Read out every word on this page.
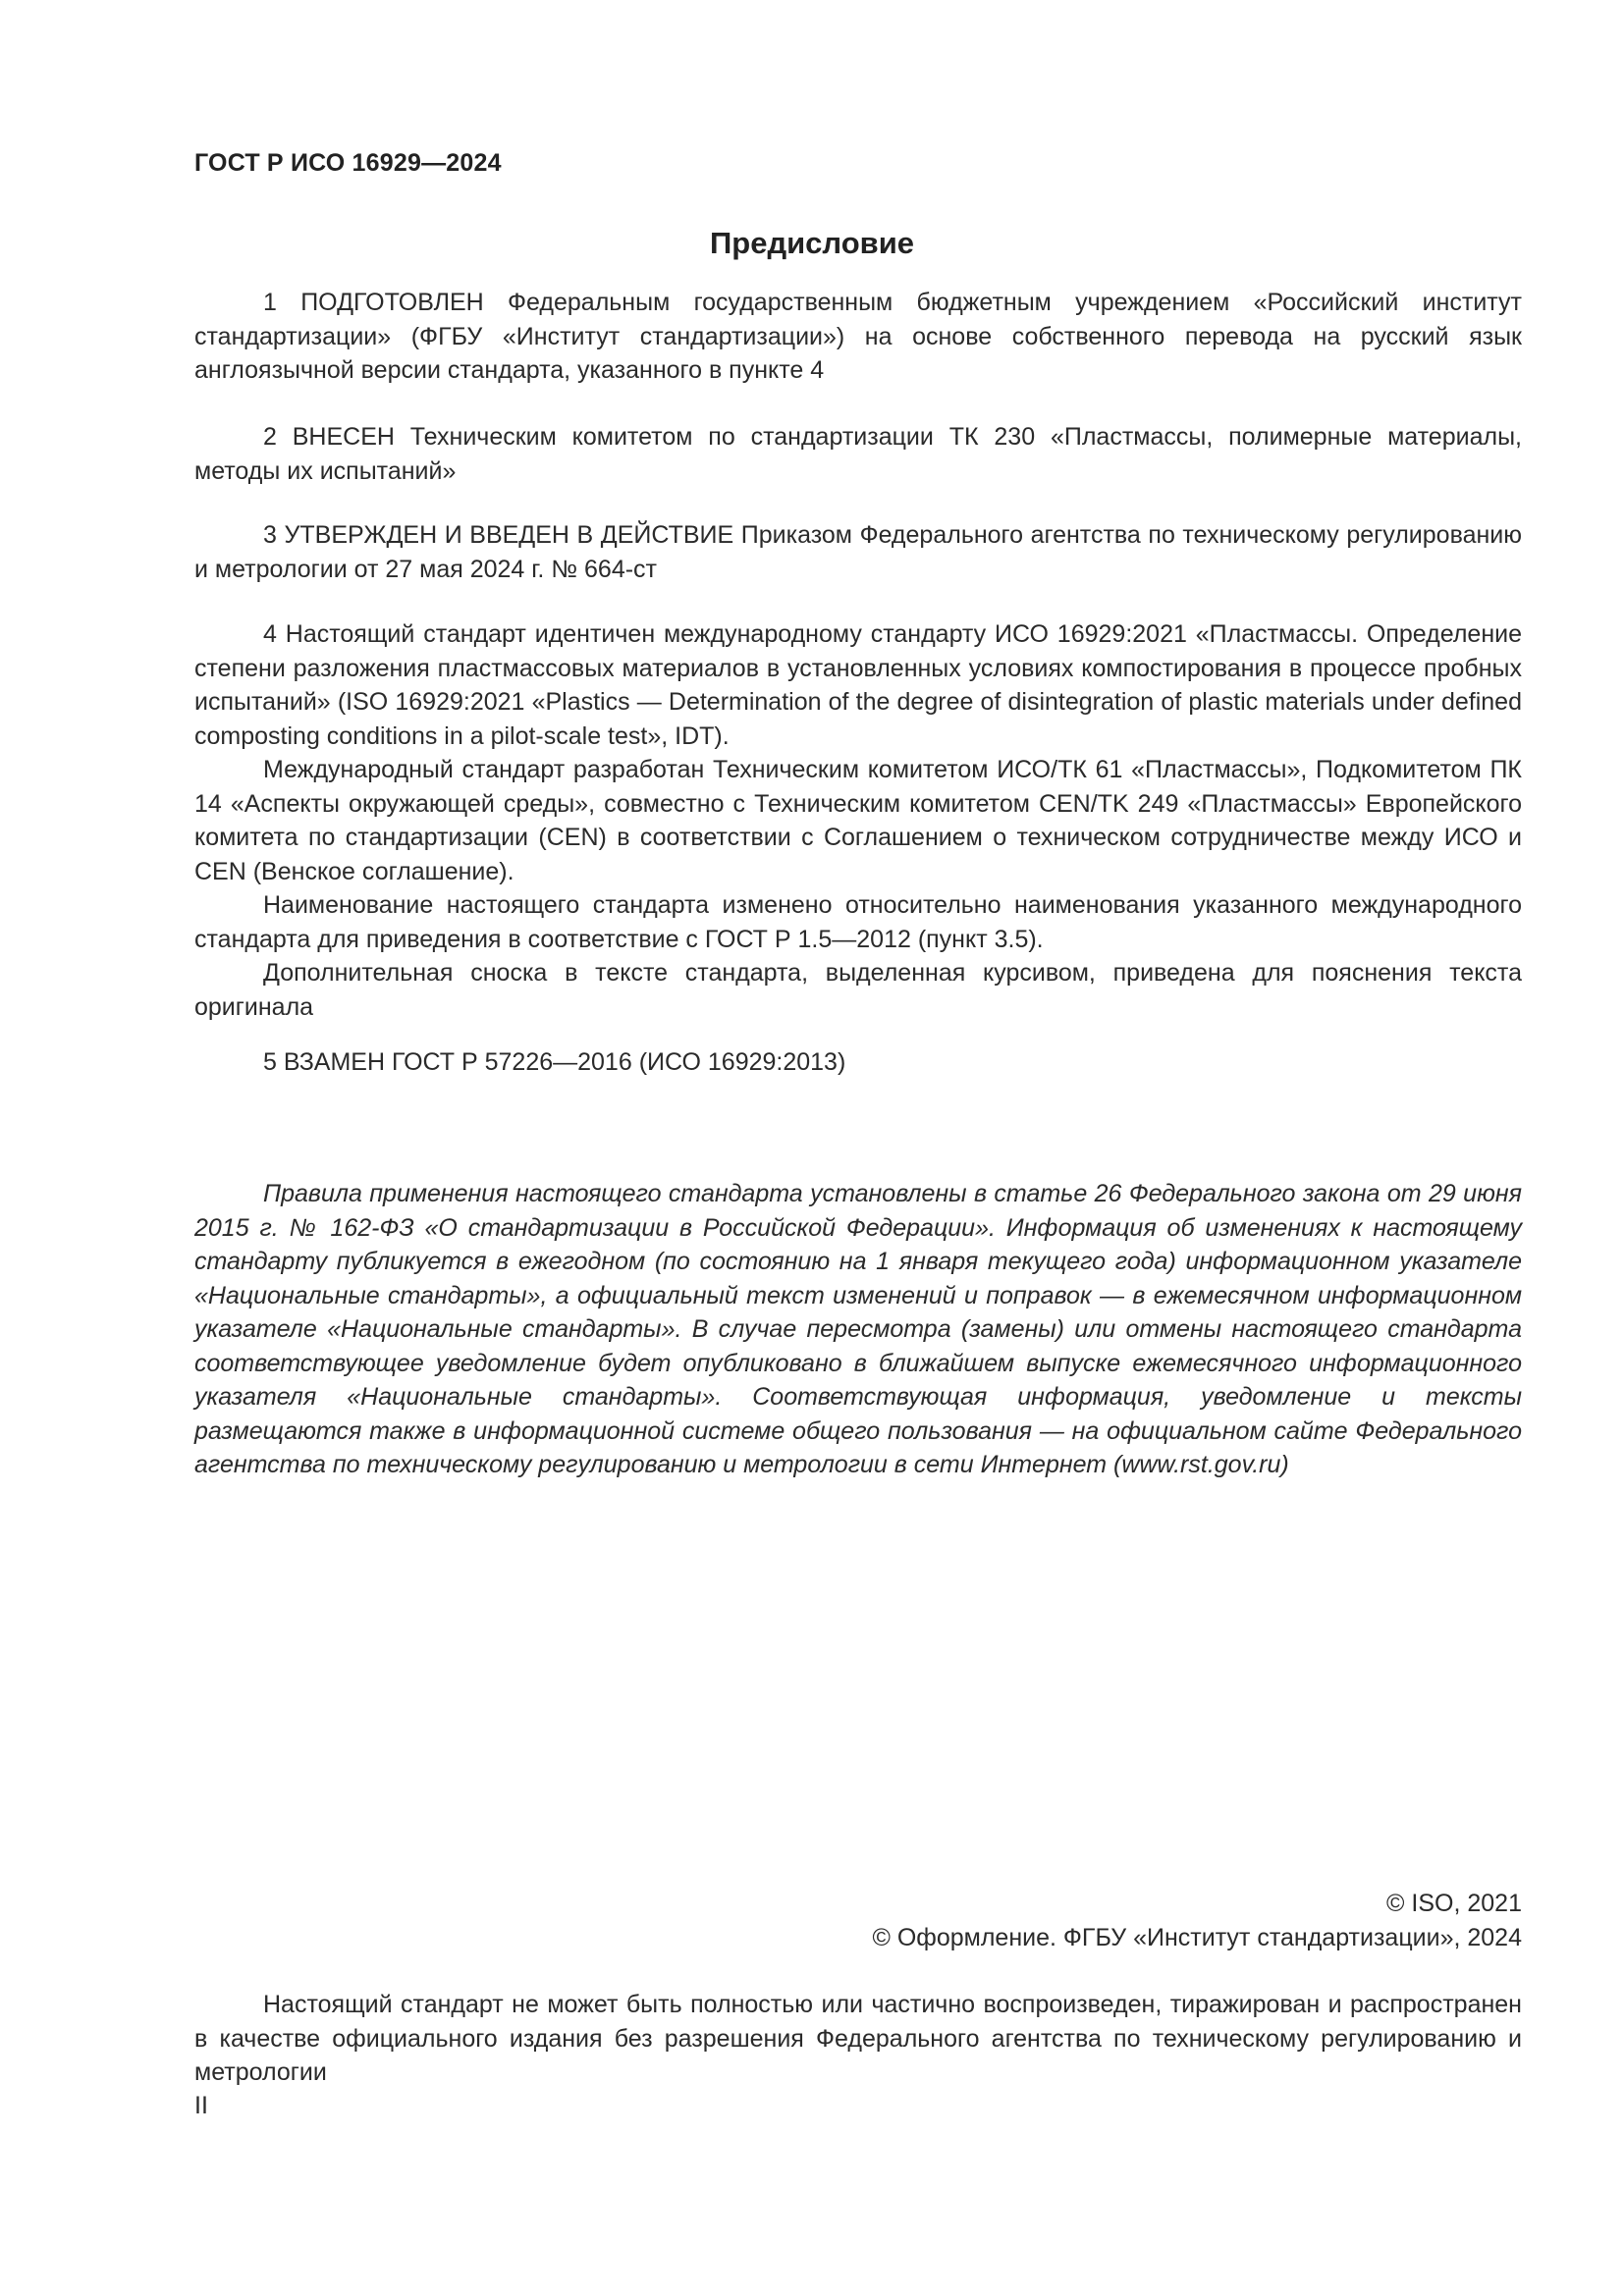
ГОСТ Р ИСО 16929—2024
Предисловие

1 ПОДГОТОВЛЕН Федеральным государственным бюджетным учреждением «Российский институт стандартизации» (ФГБУ «Институт стандартизации») на основе собственного перевода на русский язык англоязычной версии стандарта, указанного в пункте 4

2 ВНЕСЕН Техническим комитетом по стандартизации ТК 230 «Пластмассы, полимерные материалы, методы их испытаний»

3 УТВЕРЖДЕН И ВВЕДЕН В ДЕЙСТВИЕ Приказом Федерального агентства по техническому регулированию и метрологии от 27 мая 2024 г. № 664-ст

4 Настоящий стандарт идентичен международному стандарту ИСО 16929:2021 «Пластмассы. Определение степени разложения пластмассовых материалов в установленных условиях компостирования в процессе пробных испытаний» (ISO 16929:2021 «Plastics — Determination of the degree of disintegration of plastic materials under defined composting conditions in a pilot-scale test», IDT).

Международный стандарт разработан Техническим комитетом ИСО/ТК 61 «Пластмассы», Подкомитетом ПК 14 «Аспекты окружающей среды», совместно с Техническим комитетом CEN/TK 249 «Пластмассы» Европейского комитета по стандартизации (CEN) в соответствии с Соглашением о техническом сотрудничестве между ИСО и CEN (Венское соглашение).

Наименование настоящего стандарта изменено относительно наименования указанного международного стандарта для приведения в соответствие с ГОСТ Р 1.5—2012 (пункт 3.5).

Дополнительная сноска в тексте стандарта, выделенная курсивом, приведена для пояснения текста оригинала

5 ВЗАМЕН ГОСТ Р 57226—2016 (ИСО 16929:2013)

Правила применения настоящего стандарта установлены в статье 26 Федерального закона от 29 июня 2015 г. № 162-ФЗ «О стандартизации в Российской Федерации». Информация об изменениях к настоящему стандарту публикуется в ежегодном (по состоянию на 1 января текущего года) информационном указателе «Национальные стандарты», а официальный текст изменений и поправок — в ежемесячном информационном указателе «Национальные стандарты». В случае пересмотра (замены) или отмены настоящего стандарта соответствующее уведомление будет опубликовано в ближайшем выпуске ежемесячного информационного указателя «Национальные стандарты». Соответствующая информация, уведомление и тексты размещаются также в информационной системе общего пользования — на официальном сайте Федерального агентства по техническому регулированию и метрологии в сети Интернет (www.rst.gov.ru)

© ISO, 2021
© Оформление. ФГБУ «Институт стандартизации», 2024

Настоящий стандарт не может быть полностью или частично воспроизведен, тиражирован и распространен в качестве официального издания без разрешения Федерального агентства по техническому регулированию и метрологии

II
